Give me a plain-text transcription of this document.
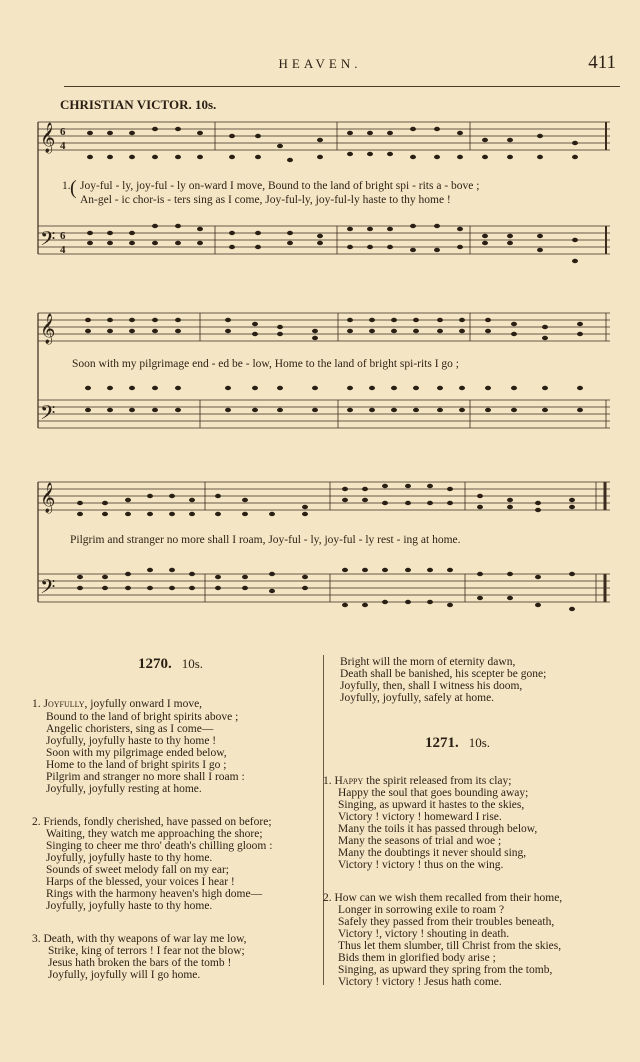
HEAVEN.	411
CHRISTIAN VICTOR. 10s.
𝄞
𝄢
6
4
6
4
(
1. Joy-ful - ly, joy-ful - ly on-ward I move, Bound to the land of bright spi - rits a - bove ;
An-gel - ic chor-is - ters sing as I come, Joy-ful-ly, joy-ful-ly haste to thy home !
𝄞
𝄢
Soon with my pilgrimage end - ed be - low, Home to the land of bright spi-rits I go ;
𝄞
𝄢
Pilgrim and stranger no more shall I roam, Joy-ful - ly, joy-ful - ly rest - ing at home.
1270. 10s.
1. Joyfully, joyfully onward I move,
Bound to the land of bright spirits above ;
Angelic choristers, sing as I come—
Joyfully, joyfully haste to thy home !
Soon with my pilgrimage ended below,
Home to the land of bright spirits I go ;
Pilgrim and stranger no more shall I roam :
Joyfully, joyfully resting at home.
2. Friends, fondly cherished, have passed on before;
Waiting, they watch me approaching the shore;
Singing to cheer me thro' death's chilling gloom :
Joyfully, joyfully haste to thy home.
Sounds of sweet melody fall on my ear;
Harps of the blessed, your voices I hear !
Rings with the harmony heaven's high dome—
Joyfully, joyfully haste to thy home.
3. Death, with thy weapons of war lay me low,
Strike, king of terrors ! I fear not the blow;
Jesus hath broken the bars of the tomb !
Joyfully, joyfully will I go home.
Bright will the morn of eternity dawn,
Death shall be banished, his scepter be gone;
Joyfully, then, shall I witness his doom,
Joyfully, joyfully, safely at home.
1271. 10s.
1. Happy the spirit released from its clay;
Happy the soul that goes bounding away;
Singing, as upward it hastes to the skies,
Victory ! victory ! homeward I rise.
Many the toils it has passed through below,
Many the seasons of trial and woe ;
Many the doubtings it never should sing,
Victory ! victory ! thus on the wing.
2. How can we wish them recalled from their home,
Longer in sorrowing exile to roam ?
Safely they passed from their troubles beneath,
Victory !, victory ! shouting in death.
Thus let them slumber, till Christ from the skies,
Bids them in glorified body arise ;
Singing, as upward they spring from the tomb,
Victory ! victory ! Jesus hath come.
